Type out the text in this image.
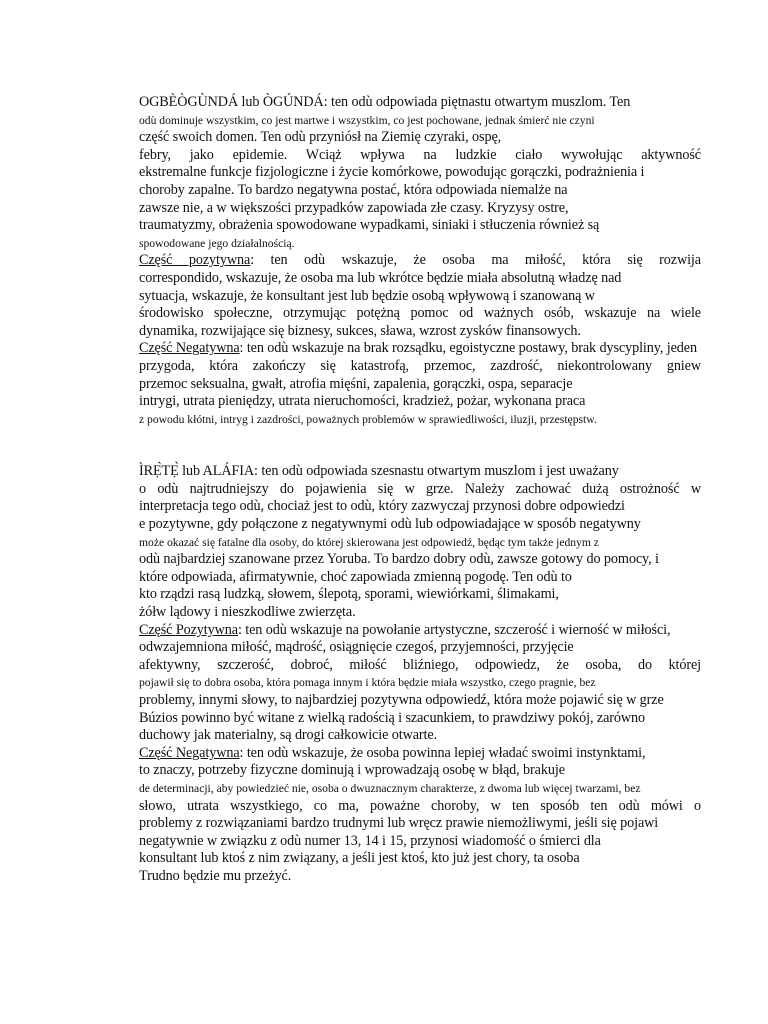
OGBÈÒGÙNDÁ lub ÒGÚNDÁ: ten odù odpowiada piętnastu otwartym muszlom. Ten
odù dominuje wszystkim, co jest martwe i wszystkim, co jest pochowane, jednak śmierć nie czyni
część swoich domen. Ten odù przyniósł na Ziemię czyraki, ospę,
febry, jako epidemie. Wciąż wpływa na ludzkie ciało wywołując aktywność
ekstremalne funkcje fizjologiczne i życie komórkowe, powodując gorączki, podrażnienia i
choroby zapalne. To bardzo negatywna postać, która odpowiada niemalże na
zawsze nie, a w większości przypadków zapowiada złe czasy. Kryzysy ostre,
traumatyzmy, obrażenia spowodowane wypadkami, siniaki i stłuczenia również są
spowodowane jego działalnością.
Część pozytywna: ten odù wskazuje, że osoba ma miłość, która się rozwija
correspondido, wskazuje, że osoba ma lub wkrótce będzie miała absolutną władzę nad
sytuacja, wskazuje, że konsultant jest lub będzie osobą wpływową i szanowaną w
środowisko społeczne, otrzymując potężną pomoc od ważnych osób, wskazuje na wiele
dynamika, rozwijające się biznesy, sukces, sława, wzrost zysków finansowych.
Część Negatywna: ten odù wskazuje na brak rozsądku, egoistyczne postawy, brak dyscypliny, jeden
przygoda, która zakończy się katastrofą, przemoc, zazdrość, niekontrolowany gniew
przemoc seksualna, gwałt, atrofia mięśni, zapalenia, gorączki, ospa, separacje
intrygi, utrata pieniędzy, utrata nieruchomości, kradzież, pożar, wykonana praca
z powodu kłótni, intryg i zazdrości, poważnych problemów w sprawiedliwości, iluzji, przestępstw.
ÌRẸ̀TẸ̀ lub ALÁFIA: ten odù odpowiada szesnastu otwartym muszlom i jest uważany
o odù najtrudniejszy do pojawienia się w grze. Należy zachować dużą ostrożność w
interpretacja tego odù, chociaż jest to odù, który zazwyczaj przynosi dobre odpowiedzi
e pozytywne, gdy połączone z negatywnymi odù lub odpowiadające w sposób negatywny
może okazać się fatalne dla osoby, do której skierowana jest odpowiedź, będąc tym także jednym z
odù najbardziej szanowane przez Yoruba. To bardzo dobry odù, zawsze gotowy do pomocy, i
które odpowiada, afirmatywnie, choć zapowiada zmienną pogodę. Ten odù to
kto rządzi rasą ludzką, słowem, ślepotą, sporami, wiewiórkami, ślimakami,
żółw lądowy i nieszkodliwe zwierzęta.
Część Pozytywna: ten odù wskazuje na powołanie artystyczne, szczerość i wierność w miłości,
odwzajemniona miłość, mądrość, osiągnięcie czegoś, przyjemności, przyjęcie
afektywny, szczerość, dobroć, miłość bliźniego, odpowiedz, że osoba, do której
pojawił się to dobra osoba, która pomaga innym i która będzie miała wszystko, czego pragnie, bez
problemy, innymi słowy, to najbardziej pozytywna odpowiedź, która może pojawić się w grze
Búzios powinno być witane z wielką radością i szacunkiem, to prawdziwy pokój, zarówno
duchowy jak materialny, są drogi całkowicie otwarte.
Część Negatywna: ten odù wskazuje, że osoba powinna lepiej władać swoimi instynktami,
to znaczy, potrzeby fizyczne dominują i wprowadzają osobę w błąd, brakuje
de determinacji, aby powiedzieć nie, osoba o dwuznacznym charakterze, z dwoma lub więcej twarzami, bez
słowo, utrata wszystkiego, co ma, poważne choroby, w ten sposób ten odù mówi o
problemy z rozwiązaniami bardzo trudnymi lub wręcz prawie niemożliwymi, jeśli się pojawi
negatywnie w związku z odù numer 13, 14 i 15, przynosi wiadomość o śmierci dla
konsultant lub ktoś z nim związany, a jeśli jest ktoś, kto już jest chory, ta osoba
Trudno będzie mu przeżyć.
